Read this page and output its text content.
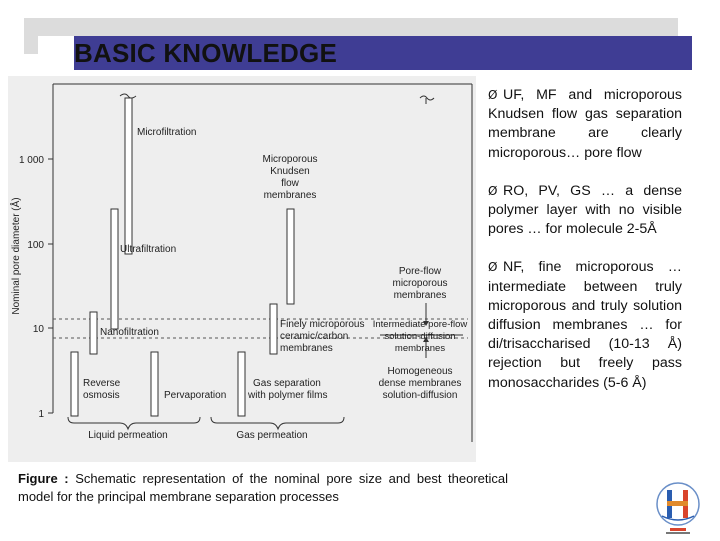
BASIC KNOWLEDGE
1 000
100
10
1
Nominal pore diameter (Å)
Microfiltration
Microporous
Knudsen
flow
membranes
Ultrafiltration
Pore-flow
microporous
membranes
Nanofiltration
Finely microporous
ceramic/carbon
membranes
Intermediate pore-flow
solution-diffusion
membranes
Reverse
osmosis	Pervaporation
Gas separation
with polymer films
Homogeneous
dense membranes
solution-diffusion
Liquid permeation	Gas permeation
Ø UF, MF and microporous Knudsen flow gas separation membrane are clearly microporous… pore flow
Ø RO, PV, GS … a dense polymer layer with no visible pores … for molecule 2-5Å
Ø NF, fine microporous … intermediate between truly microporous and truly solution diffusion membranes … for di/trisaccharised (10-13 Å) rejection but freely pass monosaccharides (5-6 Å)
Figure : Schematic representation of the nominal pore size and best theoretical model for the principal membrane separation processes
